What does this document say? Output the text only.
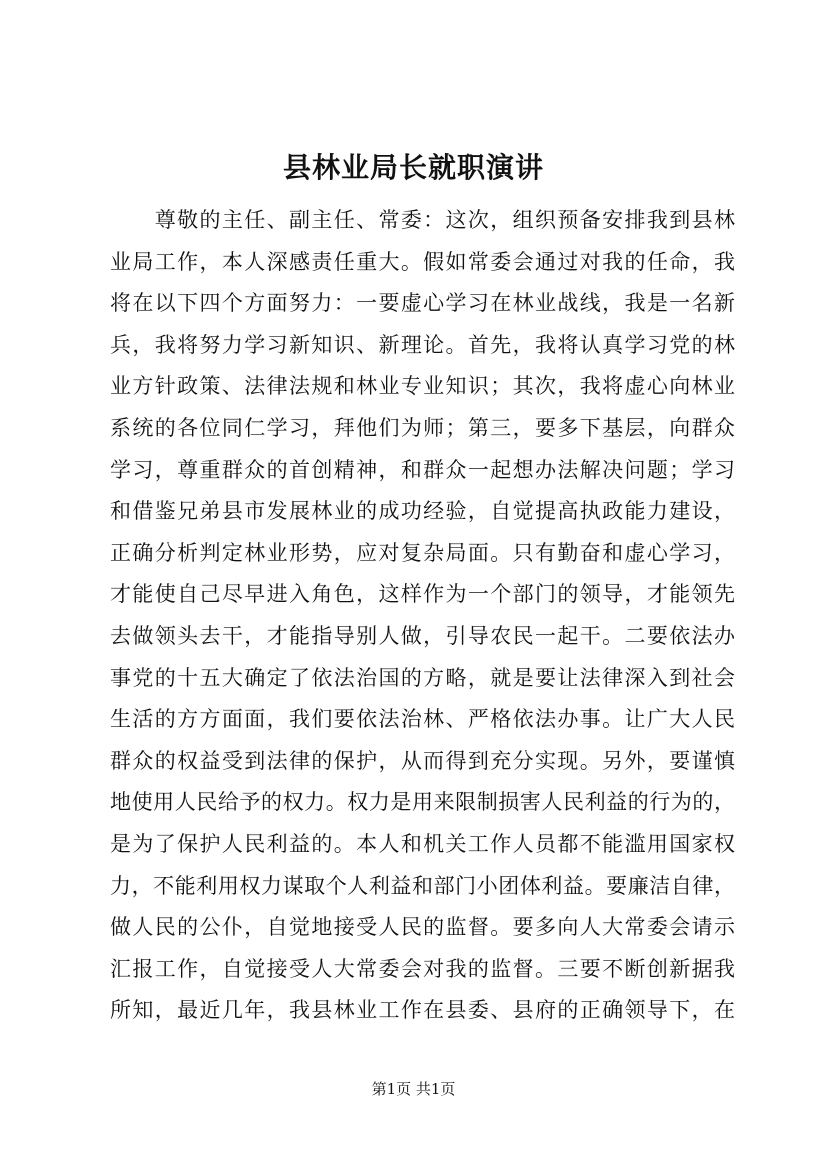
县林业局长就职演讲
　　尊敬的主任、副主任、常委：这次，组织预备安排我到县林
业局工作，本人深感责任重大。假如常委会通过对我的任命，我
将在以下四个方面努力：一要虚心学习在林业战线，我是一名新
兵，我将努力学习新知识、新理论。首先，我将认真学习党的林
业方针政策、法律法规和林业专业知识；其次，我将虚心向林业
系统的各位同仁学习，拜他们为师；第三，要多下基层，向群众
学习，尊重群众的首创精神，和群众一起想办法解决问题；学习
和借鉴兄弟县市发展林业的成功经验，自觉提高执政能力建设，
正确分析判定林业形势，应对复杂局面。只有勤奋和虚心学习，
才能使自己尽早进入角色，这样作为一个部门的领导，才能领先
去做领头去干，才能指导别人做，引导农民一起干。二要依法办
事党的十五大确定了依法治国的方略，就是要让法律深入到社会
生活的方方面面，我们要依法治林、严格依法办事。让广大人民
群众的权益受到法律的保护，从而得到充分实现。另外，要谨慎
地使用人民给予的权力。权力是用来限制损害人民利益的行为的，
是为了保护人民利益的。本人和机关工作人员都不能滥用国家权
力，不能利用权力谋取个人利益和部门小团体利益。要廉洁自律，
做人民的公仆，自觉地接受人民的监督。要多向人大常委会请示
汇报工作，自觉接受人大常委会对我的监督。三要不断创新据我
所知，最近几年，我县林业工作在县委、县府的正确领导下，在
第1页 共1页
